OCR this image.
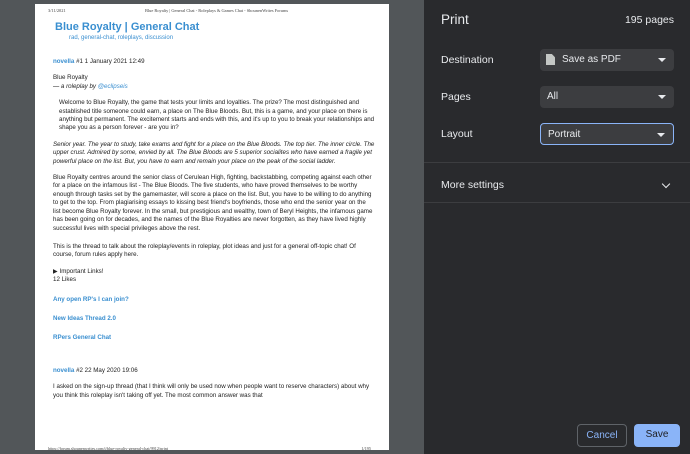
3/11/2021	Blue Royalty | General Chat - Roleplays & Games Chat - ShounenWrites Forums
Blue Royalty | General Chat
rad, general-chat, roleplays, discussion
novella #1 1 January 2021 12:49
Blue Royalty
— a roleplay by @eclipseis
Welcome to Blue Royalty, the game that tests your limits and loyalties. The prize? The most distinguished and established title someone could earn, a place on The Blue Bloods. But, this is a game, and your place on there is anything but permanent. The excitement starts and ends with this, and it's up to you to break your relationships and shape you as a person forever - are you in?
Senior year. The year to study, take exams and fight for a place on the Blue Bloods. The top tier. The inner circle. The upper crust. Admired by some, envied by all. The Blue Bloods are 5 superior socialites who have earned a fragile yet powerful place on the list. But, you have to earn and remain your place on the peak of the social ladder.
Blue Royalty centres around the senior class of Cerulean High, fighting, backstabbing, competing against each other for a place on the infamous list - The Blue Bloods. The five students, who have proved themselves to be worthy enough through tasks set by the gamemaster, will score a place on the list. But, you have to be willing to do anything to get to the top. From plagiarising essays to kissing best friend's boyfriends, those who end the senior year on the list become Blue Royalty forever. In the small, but prestigious and wealthy, town of Beryl Heights, the infamous game has been going on for decades, and the names of the Blue Royalties are never forgotten, as they have lived highly successful lives with special privileges above the rest.
This is the thread to talk about the roleplay/events in roleplay, plot ideas and just for a general off-topic chat! Of course, forum rules apply here.
▶ Important Links!
12 Likes
Any open RP's I can join?
New Ideas Thread 2.0
RPers General Chat
novella #2 22 May 2020 19:06
I asked on the sign-up thread (that I think will only be used now when people want to reserve characters) about why you think this roleplay isn't taking off yet. The most common answer was that
https://forum.shounenwrites.com/t/blue-royalty-general-chat/9912/print	1/195
Print	195 pages
Destination	Save as PDF
Pages	All
Layout	Portrait
More settings
Cancel	Save
